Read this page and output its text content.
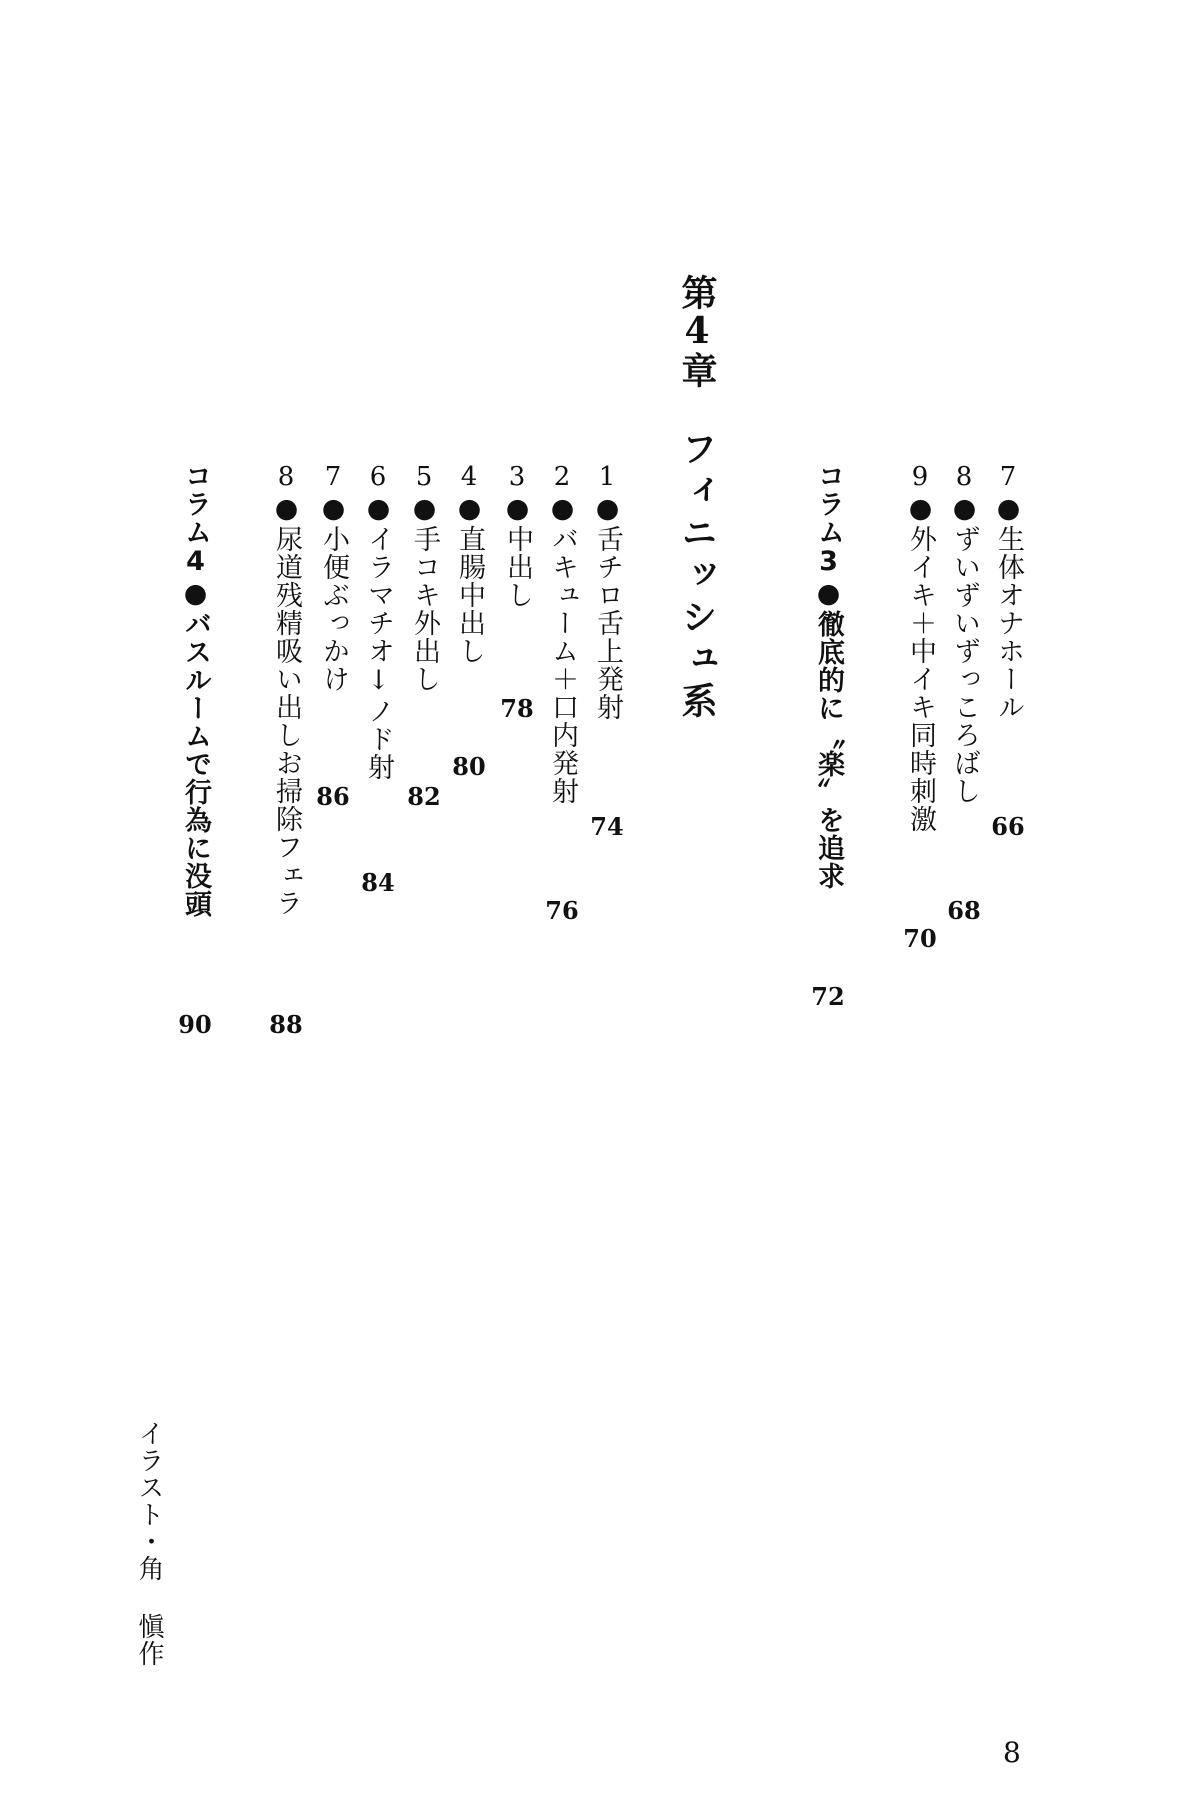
7●生体オナホール
66
8●ずいずいずっころばし
68
9●外イキ＋中イキ同時刺激
70
コラム3●徹底的に〝楽〟を追求
72
第4章
フィニッシュ系
1●舌チロ舌上発射
74
2●バキューム＋口内発射
76
3●中出し
78
4●直腸中出し
80
5●手コキ外出し
82
6●イラマチオ↓ノド射
84
7●小便ぶっかけ
86
8●尿道残精吸い出しお掃除フェラ
88
コラム4●バスルームで行為に没頭
90
イラスト・角 愼作
8
